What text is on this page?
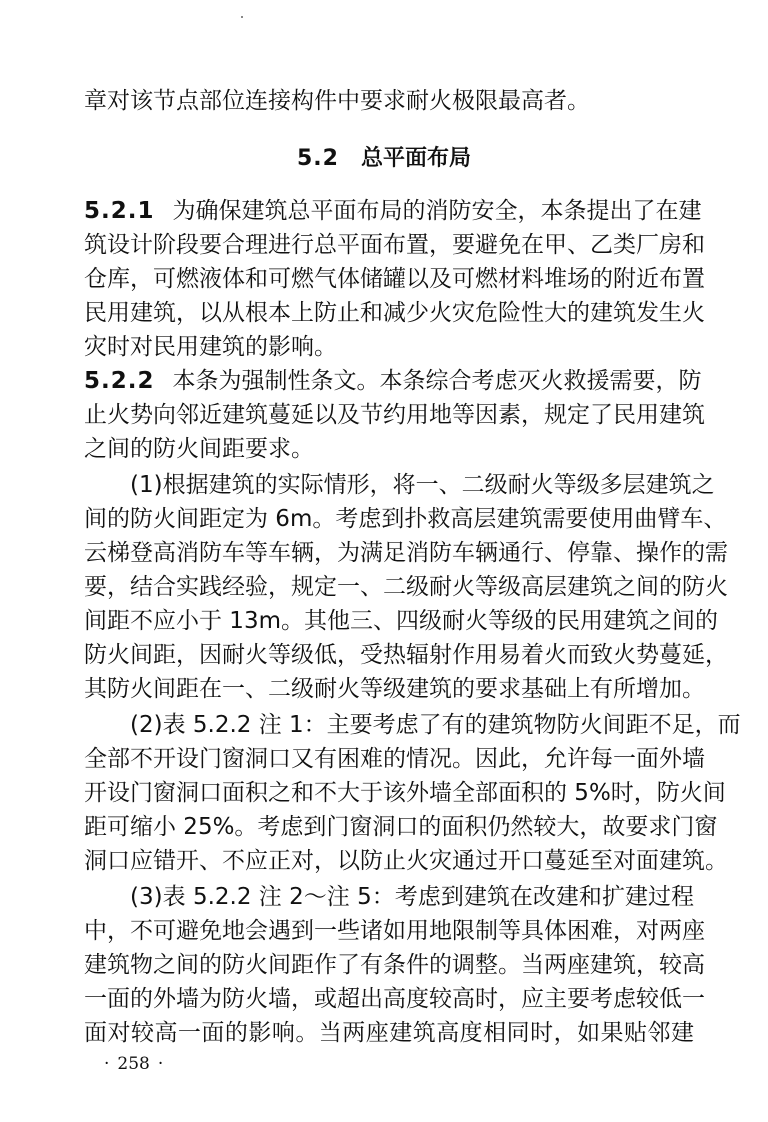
章对该节点部位连接构件中要求耐火极限最高者。
5.2 总平面布局
5.2.1 为确保建筑总平面布局的消防安全，本条提出了在建
筑设计阶段要合理进行总平面布置，要避免在甲、乙类厂房和
仓库，可燃液体和可燃气体储罐以及可燃材料堆场的附近布置
民用建筑，以从根本上防止和减少火灾危险性大的建筑发生火
灾时对民用建筑的影响。
5.2.2 本条为强制性条文。本条综合考虑灭火救援需要，防
止火势向邻近建筑蔓延以及节约用地等因素，规定了民用建筑
之间的防火间距要求。
(1)根据建筑的实际情形，将一、二级耐火等级多层建筑之
间的防火间距定为 6m。考虑到扑救高层建筑需要使用曲臂车、
云梯登高消防车等车辆，为满足消防车辆通行、停靠、操作的需
要，结合实践经验，规定一、二级耐火等级高层建筑之间的防火
间距不应小于 13m。其他三、四级耐火等级的民用建筑之间的
防火间距，因耐火等级低，受热辐射作用易着火而致火势蔓延，
其防火间距在一、二级耐火等级建筑的要求基础上有所增加。
(2)表 5.2.2 注 1：主要考虑了有的建筑物防火间距不足，而
全部不开设门窗洞口又有困难的情况。因此，允许每一面外墙
开设门窗洞口面积之和不大于该外墙全部面积的 5%时，防火间
距可缩小 25%。考虑到门窗洞口的面积仍然较大，故要求门窗
洞口应错开、不应正对，以防止火灾通过开口蔓延至对面建筑。
(3)表 5.2.2 注 2～注 5：考虑到建筑在改建和扩建过程
中，不可避免地会遇到一些诸如用地限制等具体困难，对两座
建筑物之间的防火间距作了有条件的调整。当两座建筑，较高
一面的外墙为防火墙，或超出高度较高时，应主要考虑较低一
面对较高一面的影响。当两座建筑高度相同时，如果贴邻建
· 258 ·
